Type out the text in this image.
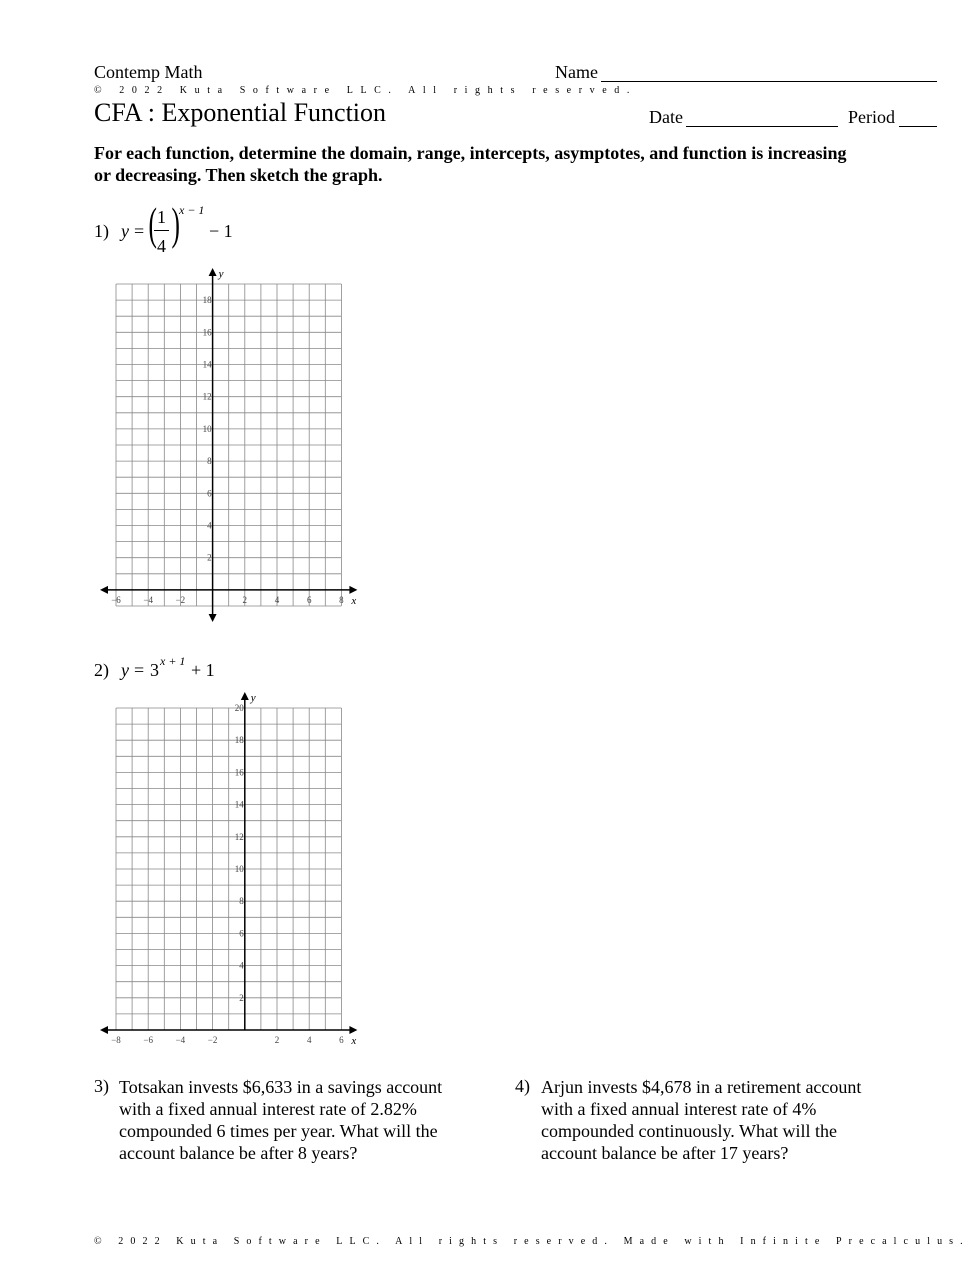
Contemp Math
© 2022 Kuta Software LLC. All rights reserved.
CFA : Exponential Function
Name
Date	Period
For each function, determine the domain, range, intercepts, asymptotes, and function is increasing or decreasing. Then sketch the graph.
1) y = ( 1
4 ) x − 1
− 1
x
y
−6	−4	−2	2	4	6	8
2
4
6
8
10
12
14
16
18
2) y = 3 x + 1 + 1
x
y
−8	−6	−4	−2	2	4	6
2
4
6
8
10
12
14
16
18
20
3) Totsakan invests $6,633 in a savings account with a fixed annual interest rate of 2.82% compounded 6 times per year. What will the account balance be after 8 years?
4) Arjun invests $4,678 in a retirement account with a fixed annual interest rate of 4% compounded continuously. What will the account balance be after 17 years?
© 2022 Kuta Software LLC. All rights reserved. Made with Infinite Precalculus.
